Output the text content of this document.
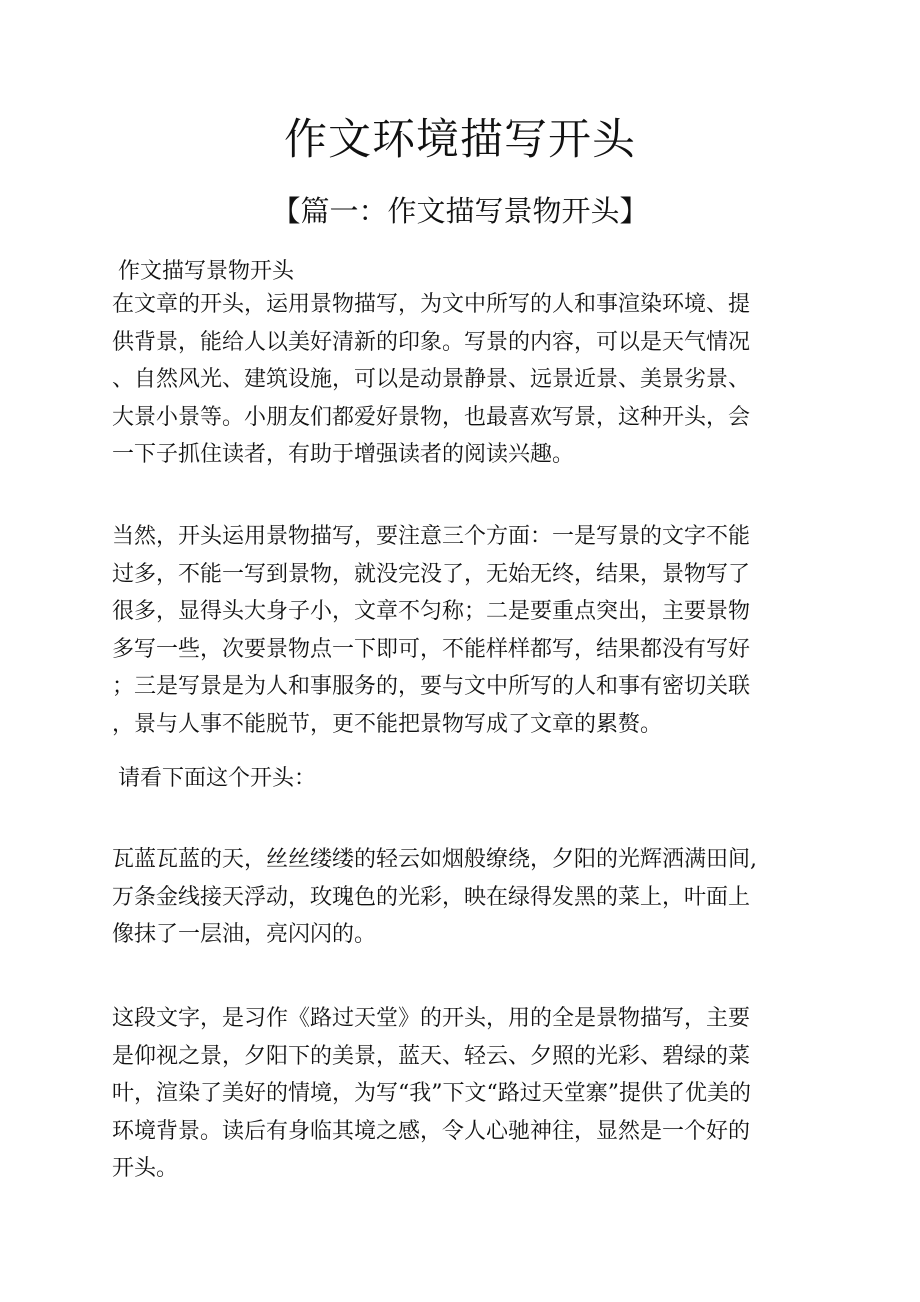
作文环境描写开头
【篇一：作文描写景物开头】

作文描写景物开头

在文章的开头，运用景物描写，为文中所写的人和事渲染环境、提
供背景，能给人以美好清新的印象。写景的内容，可以是天气情况
、自然风光、建筑设施，可以是动景静景、远景近景、美景劣景、
大景小景等。小朋友们都爱好景物，也最喜欢写景，这种开头，会
一下子抓住读者，有助于增强读者的阅读兴趣。

当然，开头运用景物描写，要注意三个方面：一是写景的文字不能
过多，不能一写到景物，就没完没了，无始无终，结果，景物写了
很多，显得头大身子小，文章不匀称；二是要重点突出，主要景物
多写一些，次要景物点一下即可，不能样样都写，结果都没有写好
；三是写景是为人和事服务的，要与文中所写的人和事有密切关联
，景与人事不能脱节，更不能把景物写成了文章的累赘。

请看下面这个开头：

瓦蓝瓦蓝的天，丝丝缕缕的轻云如烟般缭绕，夕阳的光辉洒满田间,
万条金线接天浮动，玫瑰色的光彩，映在绿得发黑的菜上，叶面上
像抹了一层油，亮闪闪的。

这段文字，是习作《路过天堂》的开头，用的全是景物描写，主要
是仰视之景，夕阳下的美景，蓝天、轻云、夕照的光彩、碧绿的菜
叶，渲染了美好的情境，为写“我”下文“路过天堂寨”提供了优美的
环境背景。读后有身临其境之感，令人心驰神往，显然是一个好的
开头。
